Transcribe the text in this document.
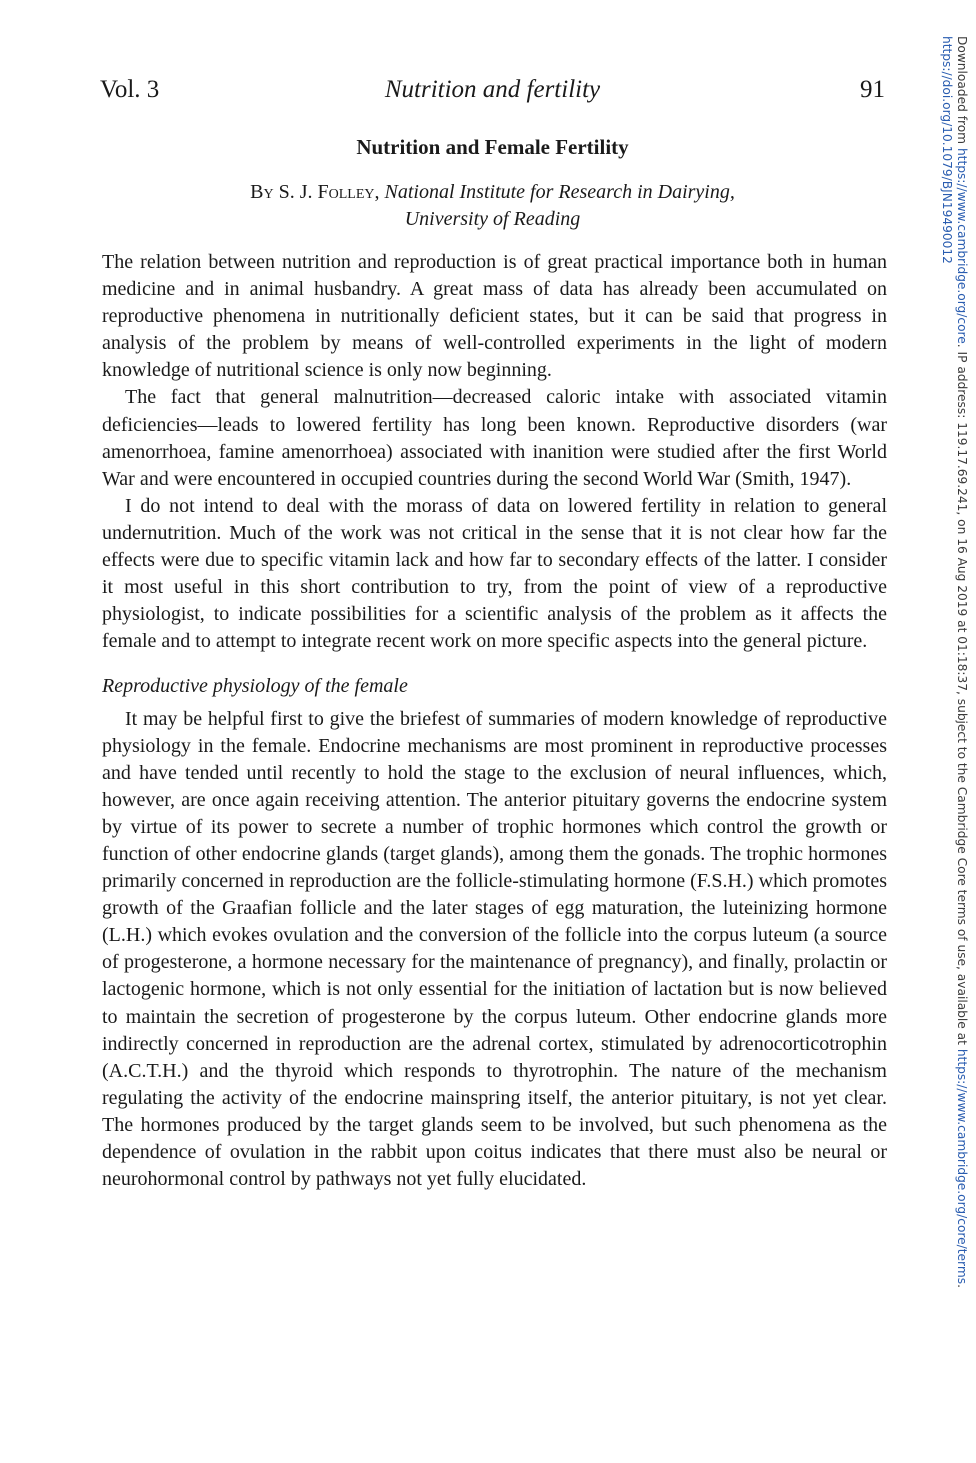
Vol. 3	Nutrition and fertility	91
Nutrition and Female Fertility
By S. J. Folley, National Institute for Research in Dairying,
University of Reading

The relation between nutrition and reproduction is of great practical importance both in human medicine and in animal husbandry. A great mass of data has already been accumulated on reproductive phenomena in nutritionally deficient states, but it can be said that progress in analysis of the problem by means of well-controlled experiments in the light of modern knowledge of nutritional science is only now beginning.

The fact that general malnutrition—decreased caloric intake with associated vitamin deficiencies—leads to lowered fertility has long been known. Reproductive disorders (war amenorrhoea, famine amenorrhoea) associated with inanition were studied after the first World War and were encountered in occupied countries during the second World War (Smith, 1947).

I do not intend to deal with the morass of data on lowered fertility in relation to general undernutrition. Much of the work was not critical in the sense that it is not clear how far the effects were due to specific vitamin lack and how far to secondary effects of the latter. I consider it most useful in this short contribution to try, from the point of view of a reproductive physiologist, to indicate possibilities for a scientific analysis of the problem as it affects the female and to attempt to integrate recent work on more specific aspects into the general picture.

Reproductive physiology of the female

It may be helpful first to give the briefest of summaries of modern knowledge of reproductive physiology in the female. Endocrine mechanisms are most prominent in reproductive processes and have tended until recently to hold the stage to the exclusion of neural influences, which, however, are once again receiving attention. The anterior pituitary governs the endocrine system by virtue of its power to secrete a number of trophic hormones which control the growth or function of other endocrine glands (target glands), among them the gonads. The trophic hormones primarily concerned in reproduction are the follicle-stimulating hormone (F.S.H.) which promotes growth of the Graafian follicle and the later stages of egg maturation, the luteinizing hormone (L.H.) which evokes ovulation and the conversion of the follicle into the corpus luteum (a source of progesterone, a hormone necessary for the maintenance of pregnancy), and finally, prolactin or lactogenic hormone, which is not only essential for the initiation of lactation but is now believed to maintain the secretion of progesterone by the corpus luteum. Other endocrine glands more indirectly concerned in reproduction are the adrenal cortex, stimulated by adrenocorticotrophin (A.C.T.H.) and the thyroid which responds to thyrotrophin. The nature of the mechanism regulating the activity of the endocrine mainspring itself, the anterior pituitary, is not yet clear. The hormones produced by the target glands seem to be involved, but such phenomena as the dependence of ovulation in the rabbit upon coitus indicates that there must also be neural or neurohormonal control by pathways not yet fully elucidated.

Downloaded from https://www.cambridge.org/core. IP address: 119.17.69.241, on 16 Aug 2019 at 01:18:37, subject to the Cambridge Core terms of use, available at https://www.cambridge.org/core/terms.
https://doi.org/10.1079/BJN19490012
